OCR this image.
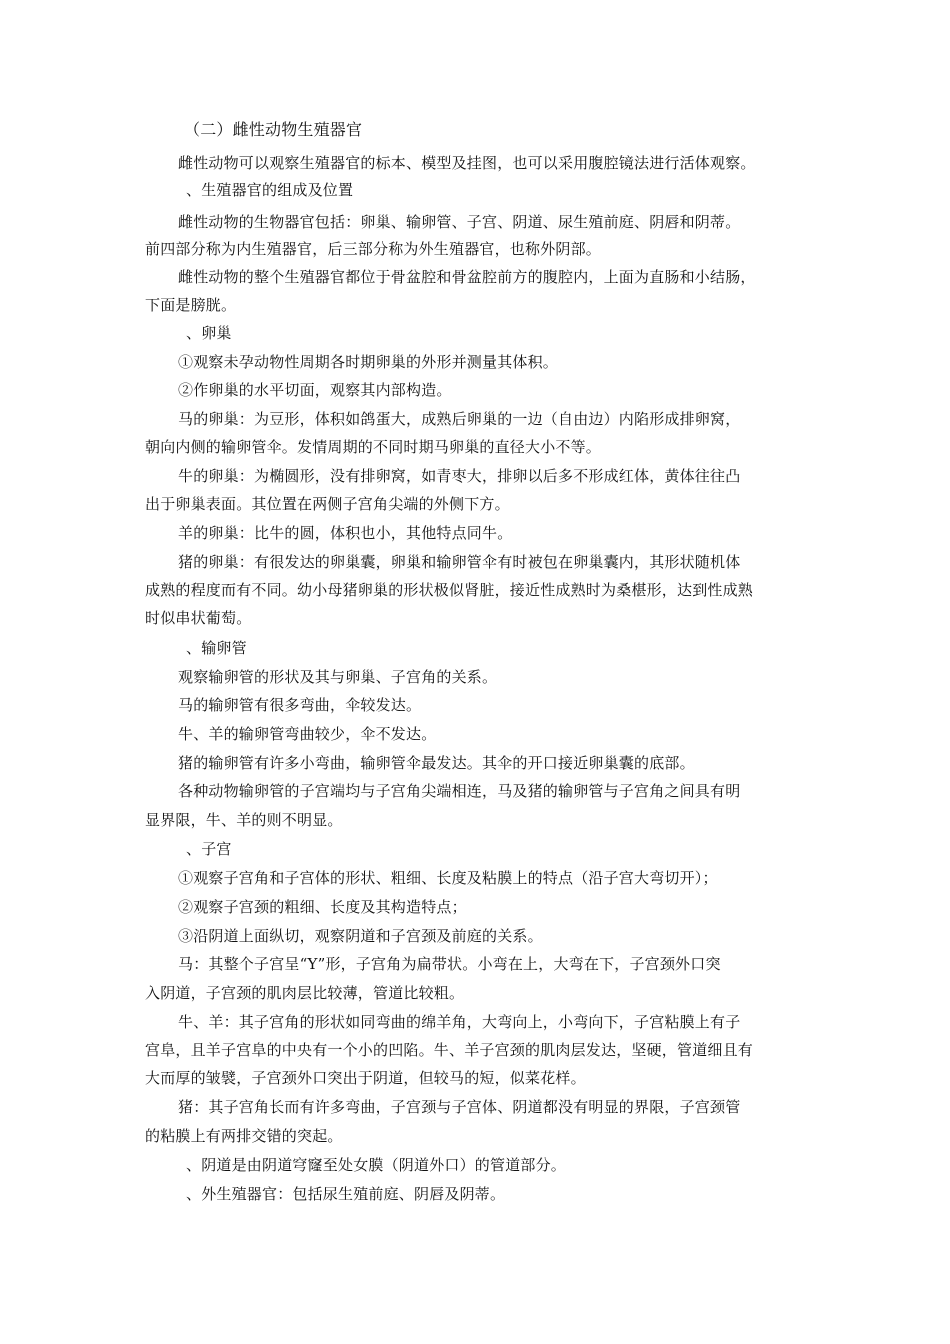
（二）雌性动物生殖器官
雌性动物可以观察生殖器官的标本、模型及挂图，也可以采用腹腔镜法进行活体观察。
、生殖器官的组成及位置
雌性动物的生物器官包括：卵巢、输卵管、子宫、阴道、尿生殖前庭、阴唇和阴蒂。
前四部分称为内生殖器官，后三部分称为外生殖器官，也称外阴部。
雌性动物的整个生殖器官都位于骨盆腔和骨盆腔前方的腹腔内，上面为直肠和小结肠，
下面是膀胱。
、卵巢
①观察未孕动物性周期各时期卵巢的外形并测量其体积。
②作卵巢的水平切面，观察其内部构造。
马的卵巢：为豆形，体积如鸽蛋大，成熟后卵巢的一边（自由边）内陷形成排卵窝，
朝向内侧的输卵管伞。发情周期的不同时期马卵巢的直径大小不等。
牛的卵巢：为椭圆形，没有排卵窝，如青枣大，排卵以后多不形成红体，黄体往往凸
出于卵巢表面。其位置在两侧子宫角尖端的外侧下方。
羊的卵巢：比牛的圆，体积也小，其他特点同牛。
猪的卵巢：有很发达的卵巢囊，卵巢和输卵管伞有时被包在卵巢囊内，其形状随机体
成熟的程度而有不同。幼小母猪卵巢的形状极似肾脏，接近性成熟时为桑椹形，达到性成熟
时似串状葡萄。
、输卵管
观察输卵管的形状及其与卵巢、子宫角的关系。
马的输卵管有很多弯曲，伞较发达。
牛、羊的输卵管弯曲较少，伞不发达。
猪的输卵管有许多小弯曲，输卵管伞最发达。其伞的开口接近卵巢囊的底部。
各种动物输卵管的子宫端均与子宫角尖端相连，马及猪的输卵管与子宫角之间具有明
显界限，牛、羊的则不明显。
、子宫
①观察子宫角和子宫体的形状、粗细、长度及粘膜上的特点（沿子宫大弯切开）；
②观察子宫颈的粗细、长度及其构造特点；
③沿阴道上面纵切，观察阴道和子宫颈及前庭的关系。
马：其整个子宫呈“Y”形，子宫角为扁带状。小弯在上，大弯在下，子宫颈外口突
入阴道，子宫颈的肌肉层比较薄，管道比较粗。
牛、羊：其子宫角的形状如同弯曲的绵羊角，大弯向上，小弯向下，子宫粘膜上有子
宫阜，且羊子宫阜的中央有一个小的凹陷。牛、羊子宫颈的肌肉层发达，坚硬，管道细且有
大而厚的皱襞，子宫颈外口突出于阴道，但较马的短，似菜花样。
猪：其子宫角长而有许多弯曲，子宫颈与子宫体、阴道都没有明显的界限，子宫颈管
的粘膜上有两排交错的突起。
、阴道是由阴道穹窿至处女膜（阴道外口）的管道部分。
、外生殖器官：包括尿生殖前庭、阴唇及阴蒂。
